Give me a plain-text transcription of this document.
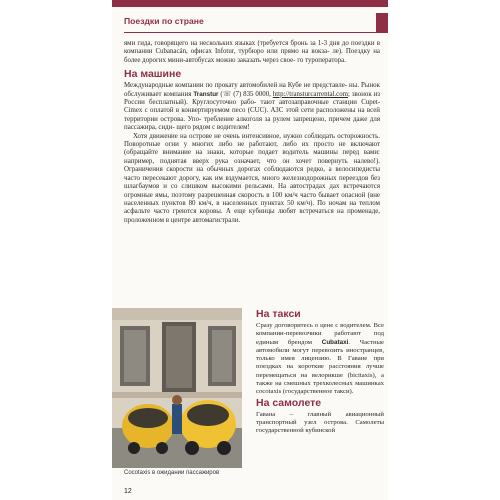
Поездки по стране

ями гида, говорящего на нескольких языках (требуется бронь за 1-3 дня до поездки в компании Cubanacán, офисах Infotur, турбюро или прямо на вокза- ле). Поездку на более дорогих мини-автобусах можно заказать через свое- го туроператора.

На машине

Международные компании по прокату автомобилей на Кубе не представле- ны. Рынок обслуживает компания Transtur (☏ (7) 835 0000, http://transturcarrental.com; звонок из России бесплатный). Круглосуточно рабо- тают автозаправочные станции Cupet-Cimex с оплатой в конвертируемом песо (CUC). АЗС этой сети расположены на всей территории острова. Упо- требление алкоголя за рулем запрещено, причем даже для пассажира, сиди- щего рядом с водителем!

Хотя движение на острове не очень интенсивное, нужно соблюдать осторожность. Поворотные огни у многих либо не работают, либо их просто не включают (обращайте внимание на знаки, которые подает водитель машины перед вами: например, поднятая вверх рука означает, что он хочет повернуть налево!). Ограничения скорости на обычных дорогах соблюдаются редко, а велосипедисты часто пересекают дорогу, как им вздумается, много железнодорожных переездов без шлагбаумов и со слишком высокими рельсами. На автострадах дах встречаются огромные ямы, поэтому разрешенная скорость в 100 км/ч часто бывает опасной (вне населенных пунктов 80 км/ч, в населенных пунктах 50 км/ч). По ночам на теплом асфальте часто греются коровы. А еще кубинцы любят встречаться на променаде, проложенном в центре автомагистрали.

Cocotaxis в ожидании пассажиров
На такси

Сразу договоритесь о цене с водителем. Все компании-перевозчики работают под единым брендом Cubataxi. Частные автомобили могут перевозить иностранцев, только имея лицензию. В Гаване при поездках на короткие расстояния лучше перемещаться на велорикше (bicitaxis), а также на смешных трехколесных машинках cocotaxis (государственное такси).

На самолете

Гавана – главный авиационный транспортный узел острова. Самолеты государственной кубинской

12
